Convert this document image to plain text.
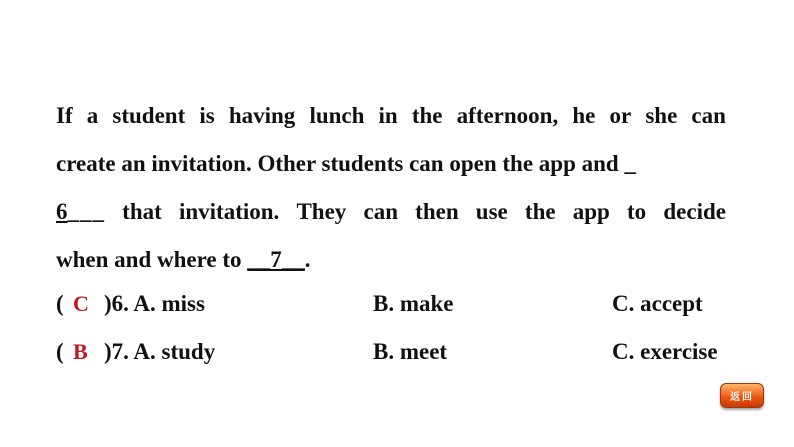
If a student is having lunch in the afternoon, he or she can
create an invitation. Other students can open the app and _
6___ that invitation. They can then use the app to decide
when and where to __7__.
( C )6. A. miss	B. make	C. accept
( B )7. A. study	B. meet	C. exercise
返回
